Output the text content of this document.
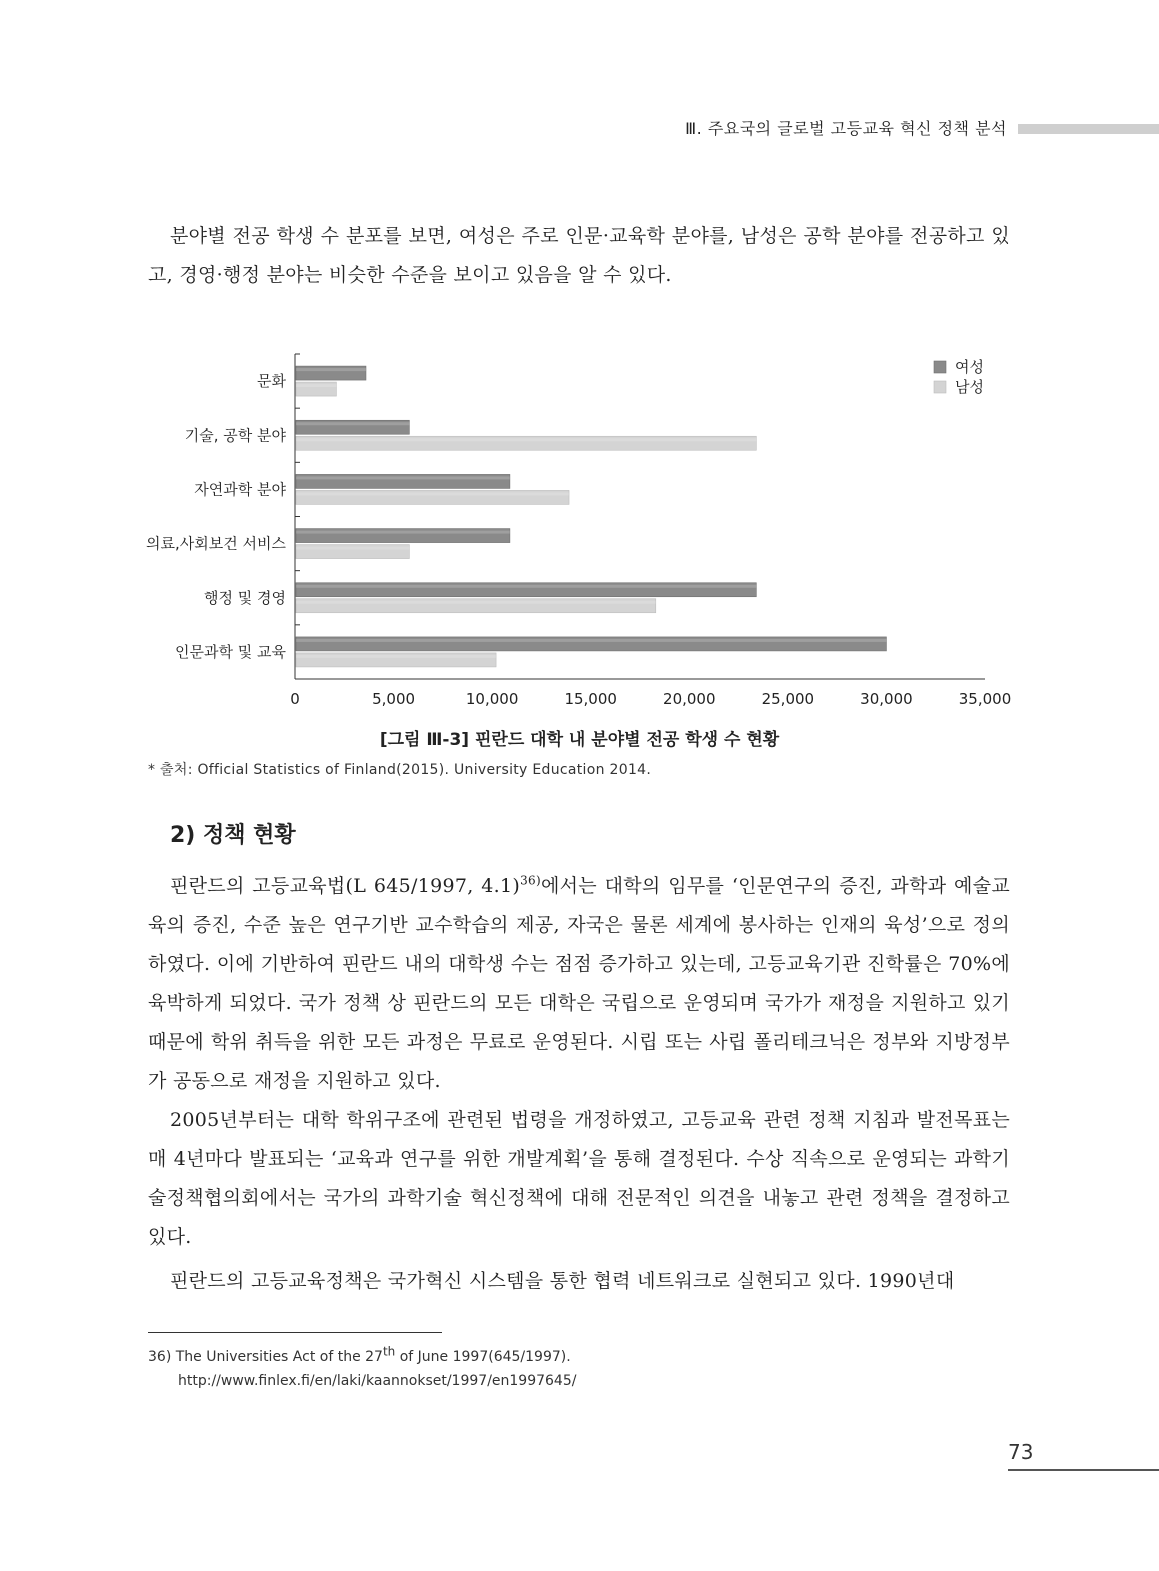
Ⅲ. 주요국의 글로벌 고등교육 혁신 정책 분석

분야별 전공 학생 수 분포를 보면, 여성은 주로 인문·교육학 분야를, 남성은 공학 분야를 전공하고 있고, 경영·행정 분야는 비슷한 수준을 보이고 있음을 알 수 있다.

문화
기술, 공학 분야
자연과학 분야
의료,사회보건 서비스
행정 및 경영
인문과학 및 교육
0	5,000	10,000	15,000	20,000	25,000	30,000	35,000
여성
남성
[그림 Ⅲ-3] 핀란드 대학 내 분야별 전공 학생 수 현황
* 출처: Official Statistics of Finland(2015). University Education 2014.
2) 정책 현황

핀란드의 고등교육법(L 645/1997, 4.1)$^{36)}$에서는 대학의 임무를 ‘인문연구의 증진, 과학과 예술교육의 증진, 수준 높은 연구기반 교수학습의 제공, 자국은 물론 세계에 봉사하는 인재의 육성’으로 정의하였다. 이에 기반하여 핀란드 내의 대학생 수는 점점 증가하고 있는데, 고등교육기관 진학률은 70%에 육박하게 되었다. 국가 정책 상 핀란드의 모든 대학은 국립으로 운영되며 국가가 재정을 지원하고 있기 때문에 학위 취득을 위한 모든 과정은 무료로 운영된다. 시립 또는 사립 폴리테크닉은 정부와 지방정부가 공동으로 재정을 지원하고 있다.

2005년부터는 대학 학위구조에 관련된 법령을 개정하였고, 고등교육 관련 정책 지침과 발전목표는 매 4년마다 발표되는 ‘교육과 연구를 위한 개발계획’을 통해 결정된다. 수상 직속으로 운영되는 과학기술정책협의회에서는 국가의 과학기술 혁신정책에 대해 전문적인 의견을 내놓고 관련 정책을 결정하고 있다.

핀란드의 고등교육정책은 국가혁신 시스템을 통한 협력 네트워크로 실현되고 있다. 1990년대

36) The Universities Act of the 27th of June 1997(645/1997).
http://www.finlex.fi/en/laki/kaannokset/1997/en1997645/
73
